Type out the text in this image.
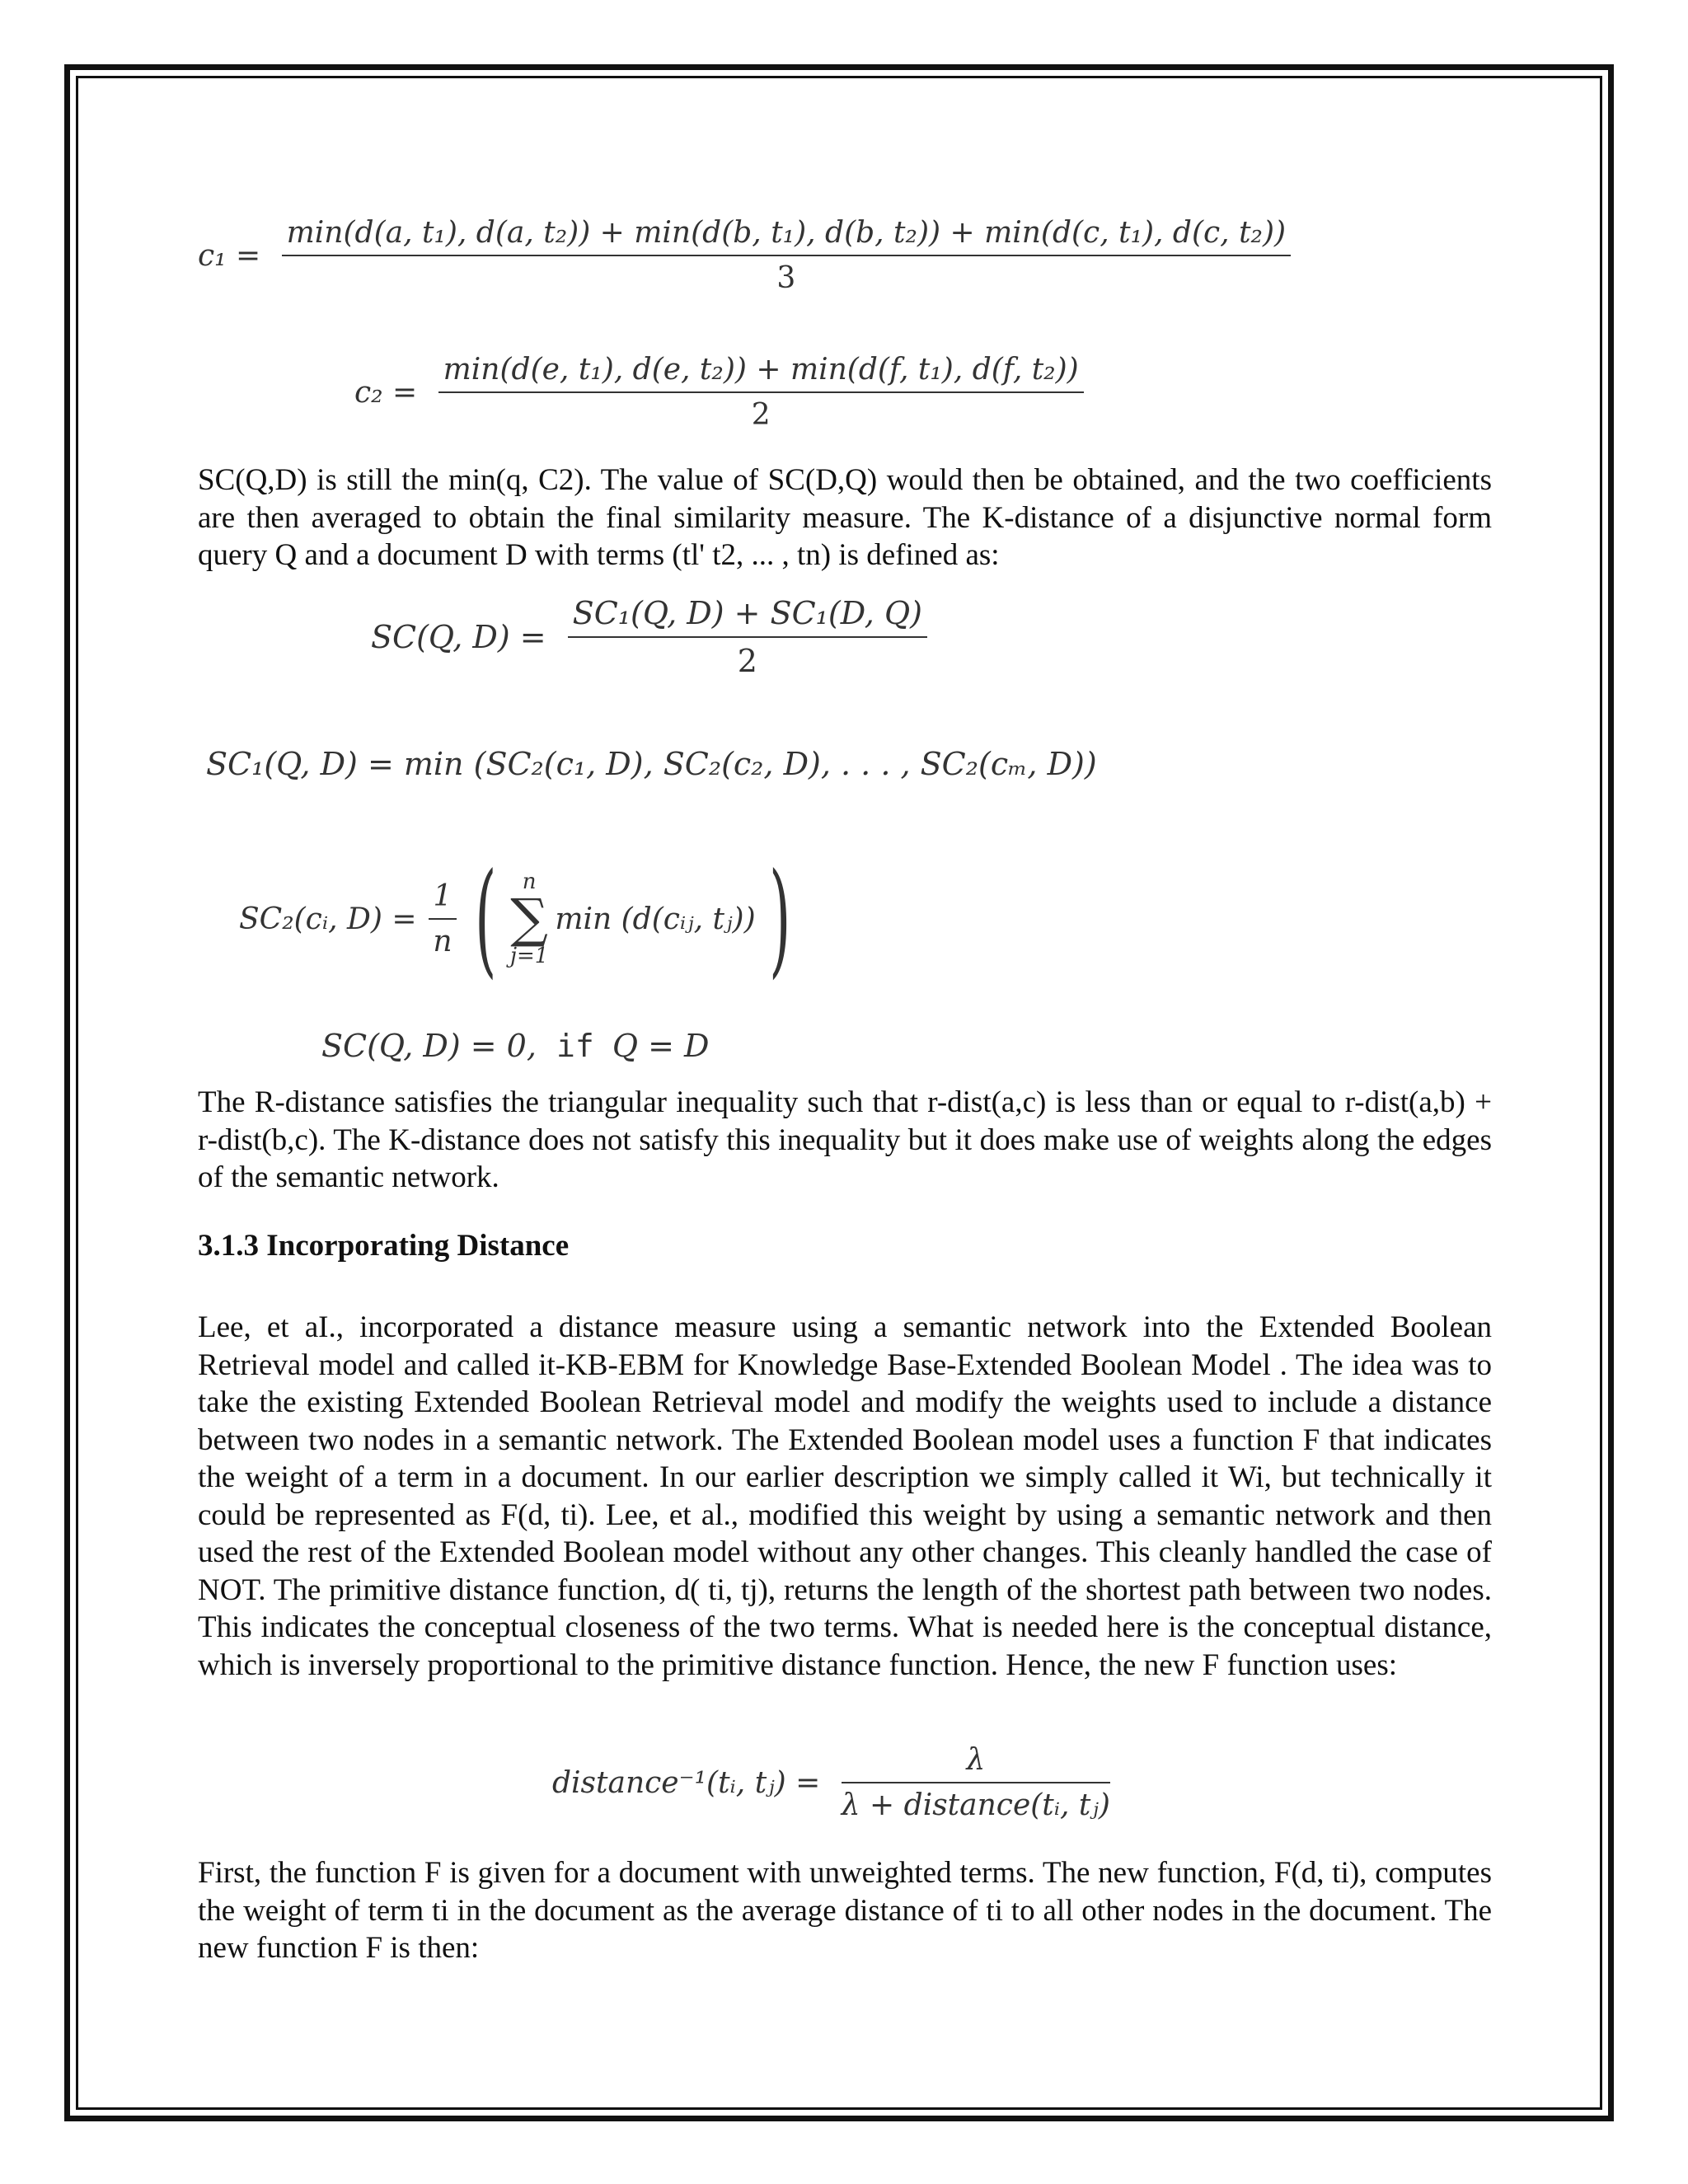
c₁ =
min(d(a, t₁), d(a, t₂)) + min(d(b, t₁), d(b, t₂)) + min(d(c, t₁), d(c, t₂))
3
$c_2 = \frac{\text{min(d(e, t₁), d(e, t₂)) + min(d(f, t₁), d(f, t₂))}}{2}$

SC(Q,D) is still the min(q, C2). The value of SC(D,Q) would then be obtained, and the two coefficients are then averaged to obtain the final similarity measure. The K-distance of a disjunctive normal form query Q and a document D with terms (tl' t2, ... , tn) is defined as:

SC(Q, $D) = \frac{\text{SC₁(Q, D) + SC₁(D, Q)}}{2}$
SC₁(Q, D) = min (SC₂(c₁, D), SC₂(c₂, D), . . . , SC₂(cₘ, D))
SC₂(cᵢ, $D) = \frac{1}{n}$ (	n
∑
j=1
min (d(cᵢⱼ, tⱼ)) )
SC(Q, D) = 0, if Q = D

The R-distance satisfies the triangular inequality such that r-dist(a,c) is less than or equal to r-dist(a,b) + r-dist(b,c). The K-distance does not satisfy this inequality but it does make use of weights along the edges of the semantic network.

3.1.3 Incorporating Distance

Lee, et aI., incorporated a distance measure using a semantic network into the Extended Boolean Retrieval model and called it-KB-EBM for Knowledge Base-Extended Boolean Model . The idea was to take the existing Extended Boolean Retrieval model and modify the weights used to include a distance between two nodes in a semantic network. The Extended Boolean model uses a function F that indicates the weight of a term in a document. In our earlier description we simply called it Wi, but technically it could be represented as F(d, ti). Lee, et al., modified this weight by using a semantic network and then used the rest of the Extended Boolean model without any other changes. This cleanly handled the case of NOT. The primitive distance function, d( ti, tj), returns the length of the shortest path between two nodes. This indicates the conceptual closeness of the two terms. What is needed here is the conceptual distance, which is inversely proportional to the primitive distance function. Hence, the new F function uses:

distance⁻¹(tᵢ, tⱼ) = $\frac{\lambda}{\text{λ + distance(tᵢ, tⱼ)}}$

First, the function F is given for a document with unweighted terms. The new function, F(d, ti), computes the weight of term ti in the document as the average distance of ti to all other nodes in the document. The new function F is then:
